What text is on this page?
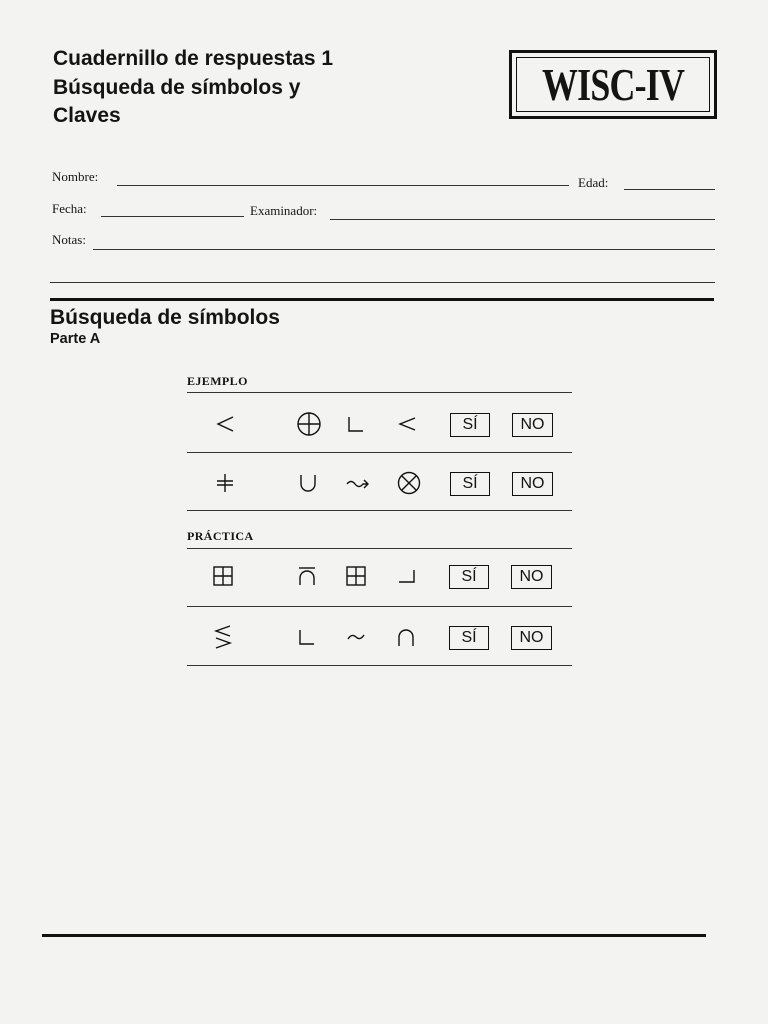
Cuadernillo de respuestas 1
Búsqueda de símbolos y
Claves
WISC-IV
Nombre:	Edad:
Fecha:	Examinador:
Notas:
Búsqueda de símbolos
Parte A
EJEMPLO
SÍ	NO
SÍ	NO
PRÁCTICA
SÍ	NO
SÍ	NO
